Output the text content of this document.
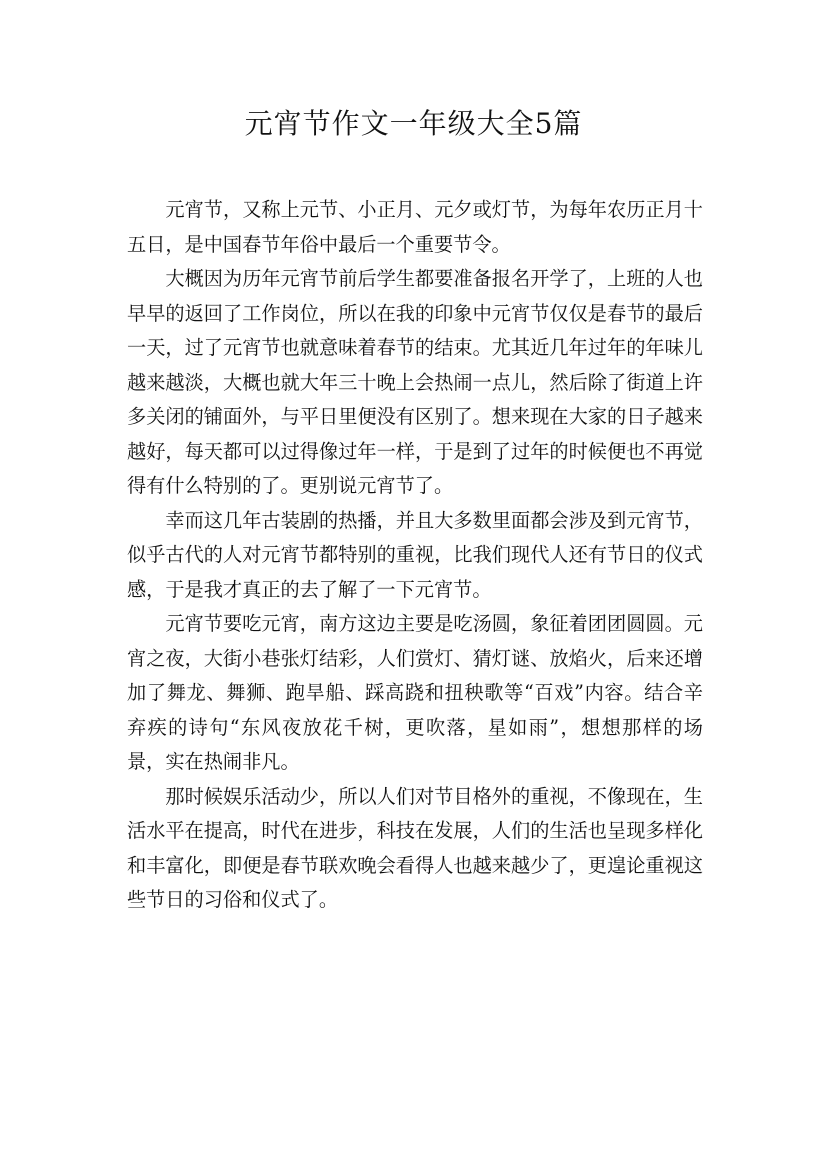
元宵节作文一年级大全5篇

元宵节，又称上元节、小正月、元夕或灯节，为每年农历正月十五日，是中国春节年俗中最后一个重要节令。

大概因为历年元宵节前后学生都要准备报名开学了，上班的人也早早的返回了工作岗位，所以在我的印象中元宵节仅仅是春节的最后一天，过了元宵节也就意味着春节的结束。尤其近几年过年的年味儿越来越淡，大概也就大年三十晚上会热闹一点儿，然后除了街道上许多关闭的铺面外，与平日里便没有区别了。想来现在大家的日子越来越好，每天都可以过得像过年一样，于是到了过年的时候便也不再觉得有什么特别的了。更别说元宵节了。

幸而这几年古装剧的热播，并且大多数里面都会涉及到元宵节，似乎古代的人对元宵节都特别的重视，比我们现代人还有节日的仪式感，于是我才真正的去了解了一下元宵节。

元宵节要吃元宵，南方这边主要是吃汤圆，象征着团团圆圆。元宵之夜，大街小巷张灯结彩，人们赏灯、猜灯谜、放焰火，后来还增加了舞龙、舞狮、跑旱船、踩高跷和扭秧歌等“百戏”内容。结合辛弃疾的诗句“东风夜放花千树，更吹落，星如雨”，想想那样的场景，实在热闹非凡。

那时候娱乐活动少，所以人们对节目格外的重视，不像现在，生活水平在提高，时代在进步，科技在发展，人们的生活也呈现多样化和丰富化，即便是春节联欢晚会看得人也越来越少了，更遑论重视这些节日的习俗和仪式了。
